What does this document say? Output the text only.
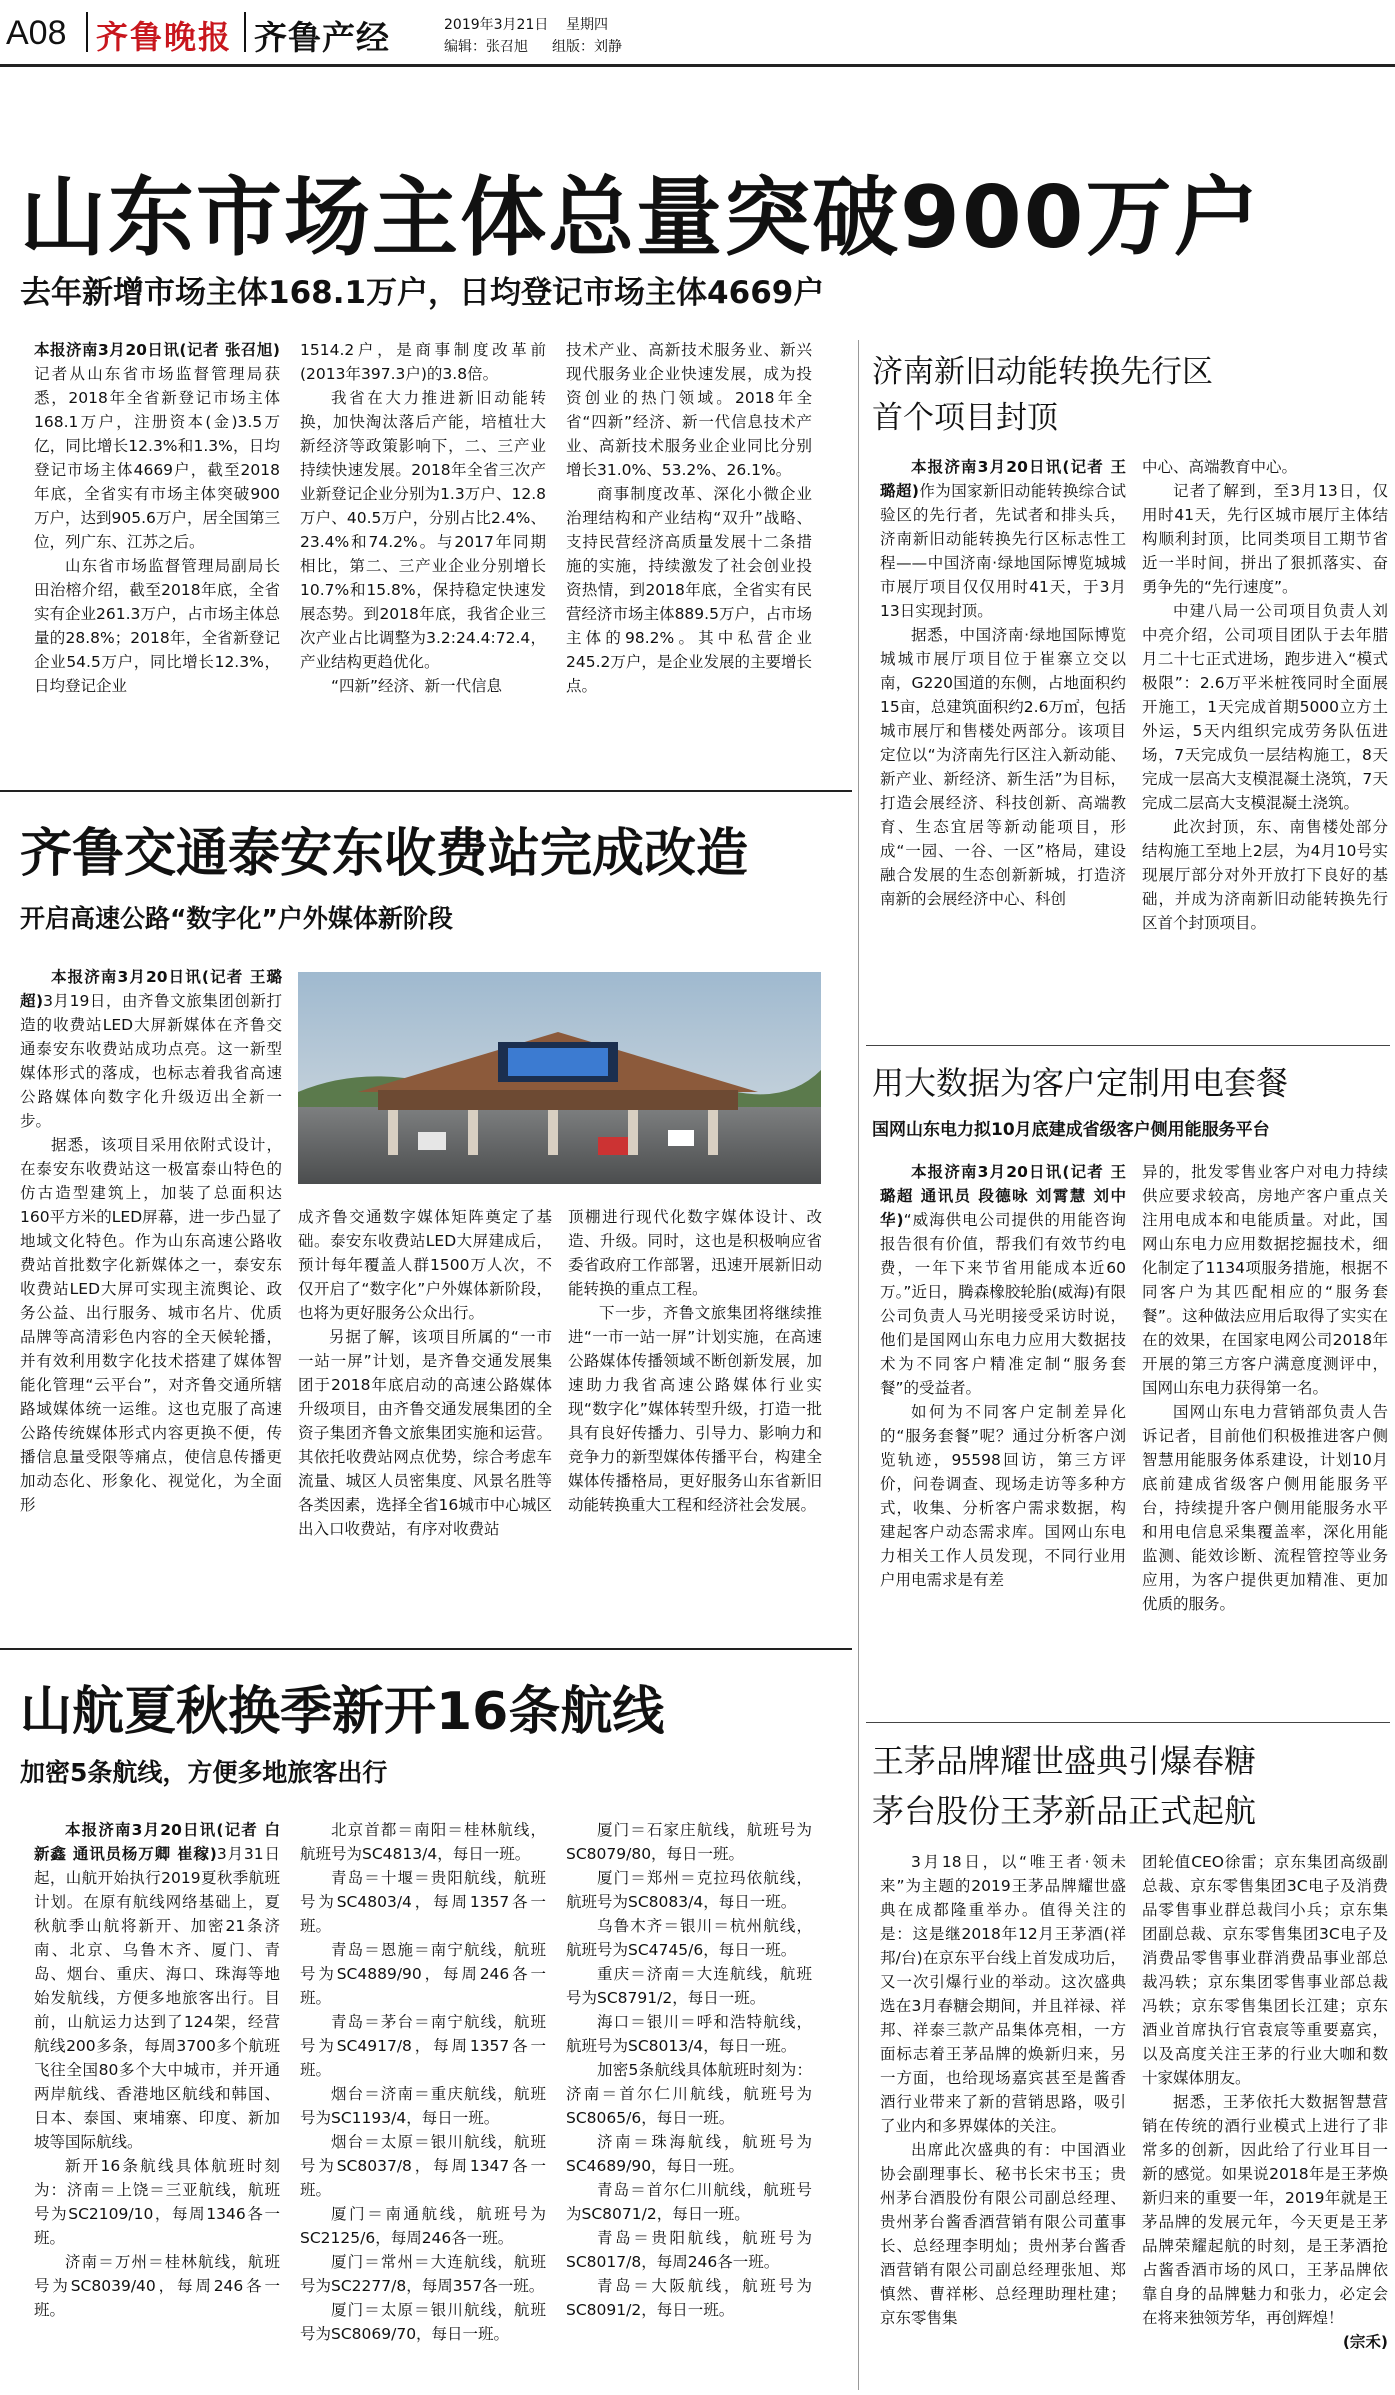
A08 齐鲁晚报 齐鲁产经	2019年3月21日 星期四
编辑：张召旭 组版：刘静
山东市场主体总量突破900万户
去年新增市场主体168.1万户，日均登记市场主体4669户

本报济南3月20日讯(记者 张召旭)记者从山东省市场监督管理局获悉，2018年全省新登记市场主体168.1万户，注册资本(金)3.5万亿，同比增长12.3%和1.3%，日均登记市场主体4669户，截至2018年底，全省实有市场主体突破900万户，达到905.6万户，居全国第三位，列广东、江苏之后。

山东省市场监督管理局副局长田治榕介绍，截至2018年底，全省实有企业261.3万户，占市场主体总量的28.8%；2018年，全省新登记企业54.5万户，同比增长12.3%，日均登记企业

1514.2户，是商事制度改革前(2013年397.3户)的3.8倍。

我省在大力推进新旧动能转换，加快淘汰落后产能，培植壮大新经济等政策影响下，二、三产业持续快速发展。2018年全省三次产业新登记企业分别为1.3万户、12.8万户、40.5万户，分别占比2.4%、23.4%和74.2%。与2017年同期相比，第二、三产业企业分别增长10.7%和15.8%，保持稳定快速发展态势。到2018年底，我省企业三次产业占比调整为3.2:24.4:72.4，产业结构更趋优化。

“四新”经济、新一代信息

技术产业、高新技术服务业、新兴现代服务业企业快速发展，成为投资创业的热门领域。2018年全省“四新”经济、新一代信息技术产业、高新技术服务业企业同比分别增长31.0%、53.2%、26.1%。

商事制度改革、深化小微企业治理结构和产业结构“双升”战略、支持民营经济高质量发展十二条措施的实施，持续激发了社会创业投资热情，到2018年底，全省实有民营经济市场主体889.5万户，占市场主体的98.2%。其中私营企业245.2万户，是企业发展的主要增长点。

济南新旧动能转换先行区
首个项目封顶

本报济南3月20日讯(记者 王璐超)作为国家新旧动能转换综合试验区的先行者，先试者和排头兵，济南新旧动能转换先行区标志性工程——中国济南·绿地国际博览城城市展厅项目仅仅用时41天，于3月13日实现封顶。

据悉，中国济南·绿地国际博览城城市展厅项目位于崔寨立交以南，G220国道的东侧，占地面积约15亩，总建筑面积约2.6万㎡，包括城市展厅和售楼处两部分。该项目定位以“为济南先行区注入新动能、新产业、新经济、新生活”为目标，打造会展经济、科技创新、高端教育、生态宜居等新动能项目，形成“一园、一谷、一区”格局，建设融合发展的生态创新新城，打造济南新的会展经济中心、科创

中心、高端教育中心。

记者了解到，至3月13日，仅用时41天，先行区城市展厅主体结构顺利封顶，比同类项目工期节省近一半时间，拼出了狠抓落实、奋勇争先的“先行速度”。

中建八局一公司项目负责人刘中亮介绍，公司项目团队于去年腊月二十七正式进场，跑步进入“模式极限”：2.6万平米桩筏同时全面展开施工，1天完成首期5000立方土外运，5天内组织完成劳务队伍进场，7天完成负一层结构施工，8天完成一层高大支模混凝土浇筑，7天完成二层高大支模混凝土浇筑。

此次封顶，东、南售楼处部分结构施工至地上2层，为4月10号实现展厅部分对外开放打下良好的基础，并成为济南新旧动能转换先行区首个封顶项目。

齐鲁交通泰安东收费站完成改造
开启高速公路“数字化”户外媒体新阶段

本报济南3月20日讯(记者 王璐超)3月19日，由齐鲁文旅集团创新打造的收费站LED大屏新媒体在齐鲁交通泰安东收费站成功点亮。这一新型媒体形式的落成，也标志着我省高速公路媒体向数字化升级迈出全新一步。

据悉，该项目采用依附式设计，在泰安东收费站这一极富泰山特色的仿古造型建筑上，加装了总面积达160平方米的LED屏幕，进一步凸显了地域文化特色。作为山东高速公路收费站首批数字化新媒体之一，泰安东收费站LED大屏可实现主流舆论、政务公益、出行服务、城市名片、优质品牌等高清彩色内容的全天候轮播，并有效利用数字化技术搭建了媒体智能化管理“云平台”，对齐鲁交通所辖路域媒体统一运维。这也克服了高速公路传统媒体形式内容更换不便，传播信息量受限等痛点，使信息传播更加动态化、形象化、视觉化，为全面形

成齐鲁交通数字媒体矩阵奠定了基础。泰安东收费站LED大屏建成后，预计每年覆盖人群1500万人次，不仅开启了“数字化”户外媒体新阶段，也将为更好服务公众出行。

另据了解，该项目所属的“一市一站一屏”计划，是齐鲁交通发展集团于2018年底启动的高速公路媒体升级项目，由齐鲁交通发展集团的全资子集团齐鲁文旅集团实施和运营。其依托收费站网点优势，综合考虑车流量、城区人员密集度、风景名胜等各类因素，选择全省16城市中心城区出入口收费站，有序对收费站

顶棚进行现代化数字媒体设计、改造、升级。同时，这也是积极响应省委省政府工作部署，迅速开展新旧动能转换的重点工程。

下一步，齐鲁文旅集团将继续推进“一市一站一屏”计划实施，在高速公路媒体传播领域不断创新发展，加速助力我省高速公路媒体行业实现“数字化”媒体转型升级，打造一批具有良好传播力、引导力、影响力和竞争力的新型媒体传播平台，构建全媒体传播格局，更好服务山东省新旧动能转换重大工程和经济社会发展。

用大数据为客户定制用电套餐
国网山东电力拟10月底建成省级客户侧用能服务平台

本报济南3月20日讯(记者 王璐超 通讯员 段德咏 刘霄慧 刘中华)“威海供电公司提供的用能咨询报告很有价值，帮我们有效节约电费，一年下来节省用能成本近60万。”近日，腾森橡胶轮胎(威海)有限公司负责人马光明接受采访时说，他们是国网山东电力应用大数据技术为不同客户精准定制“服务套餐”的受益者。

如何为不同客户定制差异化的“服务套餐”呢？通过分析客户浏览轨迹，95598回访，第三方评价，问卷调查、现场走访等多种方式，收集、分析客户需求数据，构建起客户动态需求库。国网山东电力相关工作人员发现，不同行业用户用电需求是有差

异的，批发零售业客户对电力持续供应要求较高，房地产客户重点关注用电成本和电能质量。对此，国网山东电力应用数据挖掘技术，细化制定了1134项服务措施，根据不同客户为其匹配相应的“服务套餐”。这种做法应用后取得了实实在在的效果，在国家电网公司2018年开展的第三方客户满意度测评中，国网山东电力获得第一名。

国网山东电力营销部负责人告诉记者，目前他们积极推进客户侧智慧用能服务体系建设，计划10月底前建成省级客户侧用能服务平台，持续提升客户侧用能服务水平和用电信息采集覆盖率，深化用能监测、能效诊断、流程管控等业务应用，为客户提供更加精准、更加优质的服务。

山航夏秋换季新开16条航线
加密5条航线，方便多地旅客出行

本报济南3月20日讯(记者 白新鑫 通讯员杨万卿 崔稼)3月31日起，山航开始执行2019夏秋季航班计划。在原有航线网络基础上，夏秋航季山航将新开、加密21条济南、北京、乌鲁木齐、厦门、青岛、烟台、重庆、海口、珠海等地始发航线，方便多地旅客出行。目前，山航运力达到了124架，经营航线200多条，每周3700多个航班飞往全国80多个大中城市，并开通两岸航线、香港地区航线和韩国、日本、泰国、柬埔寨、印度、新加坡等国际航线。

新开16条航线具体航班时刻为：济南＝上饶＝三亚航线，航班号为SC2109/10，每周1346各一班。

济南＝万州＝桂林航线，航班号为SC8039/40，每周246各一班。

北京首都＝南阳＝桂林航线，航班号为SC4813/4，每日一班。

青岛＝十堰＝贵阳航线，航班号为SC4803/4，每周1357各一班。

青岛＝恩施＝南宁航线，航班号为SC4889/90，每周246各一班。

青岛＝茅台＝南宁航线，航班号为SC4917/8，每周1357各一班。

烟台＝济南＝重庆航线，航班号为SC1193/4，每日一班。

烟台＝太原＝银川航线，航班号为SC8037/8，每周1347各一班。

厦门＝南通航线，航班号为SC2125/6，每周246各一班。

厦门＝常州＝大连航线，航班号为SC2277/8，每周357各一班。

厦门＝太原＝银川航线，航班号为SC8069/70，每日一班。

厦门＝石家庄航线，航班号为SC8079/80，每日一班。

厦门＝郑州＝克拉玛依航线，航班号为SC8083/4，每日一班。

乌鲁木齐＝银川＝杭州航线，航班号为SC4745/6，每日一班。

重庆＝济南＝大连航线，航班号为SC8791/2，每日一班。

海口＝银川＝呼和浩特航线，航班号为SC8013/4，每日一班。

加密5条航线具体航班时刻为：济南＝首尔仁川航线，航班号为SC8065/6，每日一班。

济南＝珠海航线，航班号为SC4689/90，每日一班。

青岛＝首尔仁川航线，航班号为SC8071/2，每日一班。

青岛＝贵阳航线，航班号为SC8017/8，每周246各一班。

青岛＝大阪航线，航班号为SC8091/2，每日一班。

王茅品牌耀世盛典引爆春糖
茅台股份王茅新品正式起航

3月18日，以“唯王者·领未来”为主题的2019王茅品牌耀世盛典在成都隆重举办。值得关注的是：这是继2018年12月王茅酒(祥邦/台)在京东平台线上首发成功后，又一次引爆行业的举动。这次盛典选在3月春糖会期间，并且祥禄、祥邦、祥泰三款产品集体亮相，一方面标志着王茅品牌的焕新归来，另一方面，也给现场嘉宾甚至是酱香酒行业带来了新的营销思路，吸引了业内和多界媒体的关注。

出席此次盛典的有：中国酒业协会副理事长、秘书长宋书玉；贵州茅台酒股份有限公司副总经理、贵州茅台酱香酒营销有限公司董事长、总经理李明灿；贵州茅台酱香酒营销有限公司副总经理张旭、郑慎然、曹祥彬、总经理助理杜建；京东零售集

团轮值CEO徐雷；京东集团高级副总裁、京东零售集团3C电子及消费品零售事业群总裁闫小兵；京东集团副总裁、京东零售集团3C电子及消费品零售事业群消费品事业部总裁冯轶；京东集团零售事业部总裁冯轶；京东零售集团长江建；京东酒业首席执行官袁宸等重要嘉宾，以及高度关注王茅的行业大咖和数十家媒体朋友。

据悉，王茅依托大数据智慧营销在传统的酒行业模式上进行了非常多的创新，因此给了行业耳目一新的感觉。如果说2018年是王茅焕新归来的重要一年，2019年就是王茅品牌的发展元年，今天更是王茅品牌荣耀起航的时刻，是王茅酒抢占酱香酒市场的风口，王茅品牌依靠自身的品牌魅力和张力，必定会在将来独领芳华，再创辉煌！

(宗禾)
